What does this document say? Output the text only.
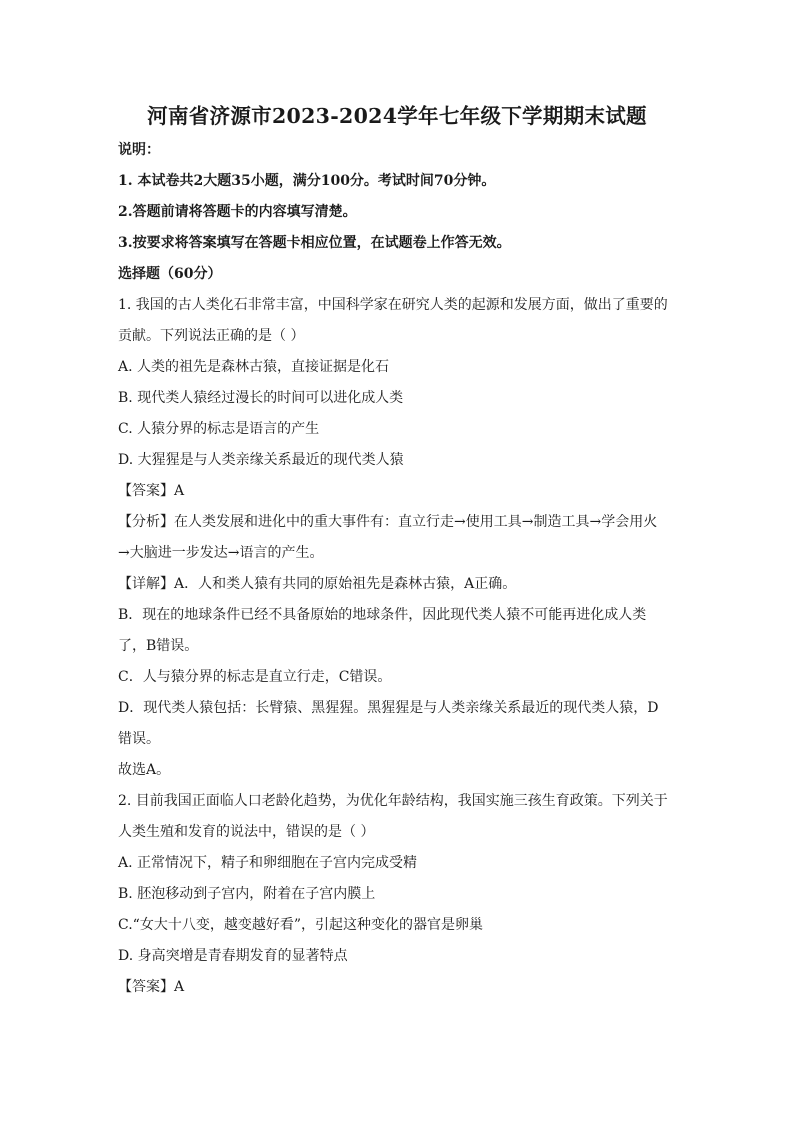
河南省济源市2023-2024学年七年级下学期期末试题
说明：
1. 本试卷共2大题35小题，满分100分。考试时间70分钟。
2.答题前请将答题卡的内容填写清楚。
3.按要求将答案填写在答题卡相应位置，在试题卷上作答无效。
选择题（60分）
1. 我国的古人类化石非常丰富，中国科学家在研究人类的起源和发展方面，做出了重要的
贡献。下列说法正确的是（ ）
A. 人类的祖先是森林古猿，直接证据是化石
B. 现代类人猿经过漫长的时间可以进化成人类
C. 人猿分界的标志是语言的产生
D. 大猩猩是与人类亲缘关系最近的现代类人猿
【答案】A
【分析】在人类发展和进化中的重大事件有：直立行走→使用工具→制造工具→学会用火
→大脑进一步发达→语言的产生。
【详解】A．人和类人猿有共同的原始祖先是森林古猿，A正确。
B．现在的地球条件已经不具备原始的地球条件，因此现代类人猿不可能再进化成人类
了，B错误。
C．人与猿分界的标志是直立行走，C错误。
D．现代类人猿包括：长臂猿、黑猩猩。黑猩猩是与人类亲缘关系最近的现代类人猿，D
错误。
故选A。
2. 目前我国正面临人口老龄化趋势，为优化年龄结构，我国实施三孩生育政策。下列关于
人类生殖和发育的说法中，错误的是（ ）
A. 正常情况下，精子和卵细胞在子宫内完成受精
B. 胚泡移动到子宫内，附着在子宫内膜上
C.“女大十八变，越变越好看”，引起这种变化的器官是卵巢
D. 身高突增是青春期发育的显著特点
【答案】A
